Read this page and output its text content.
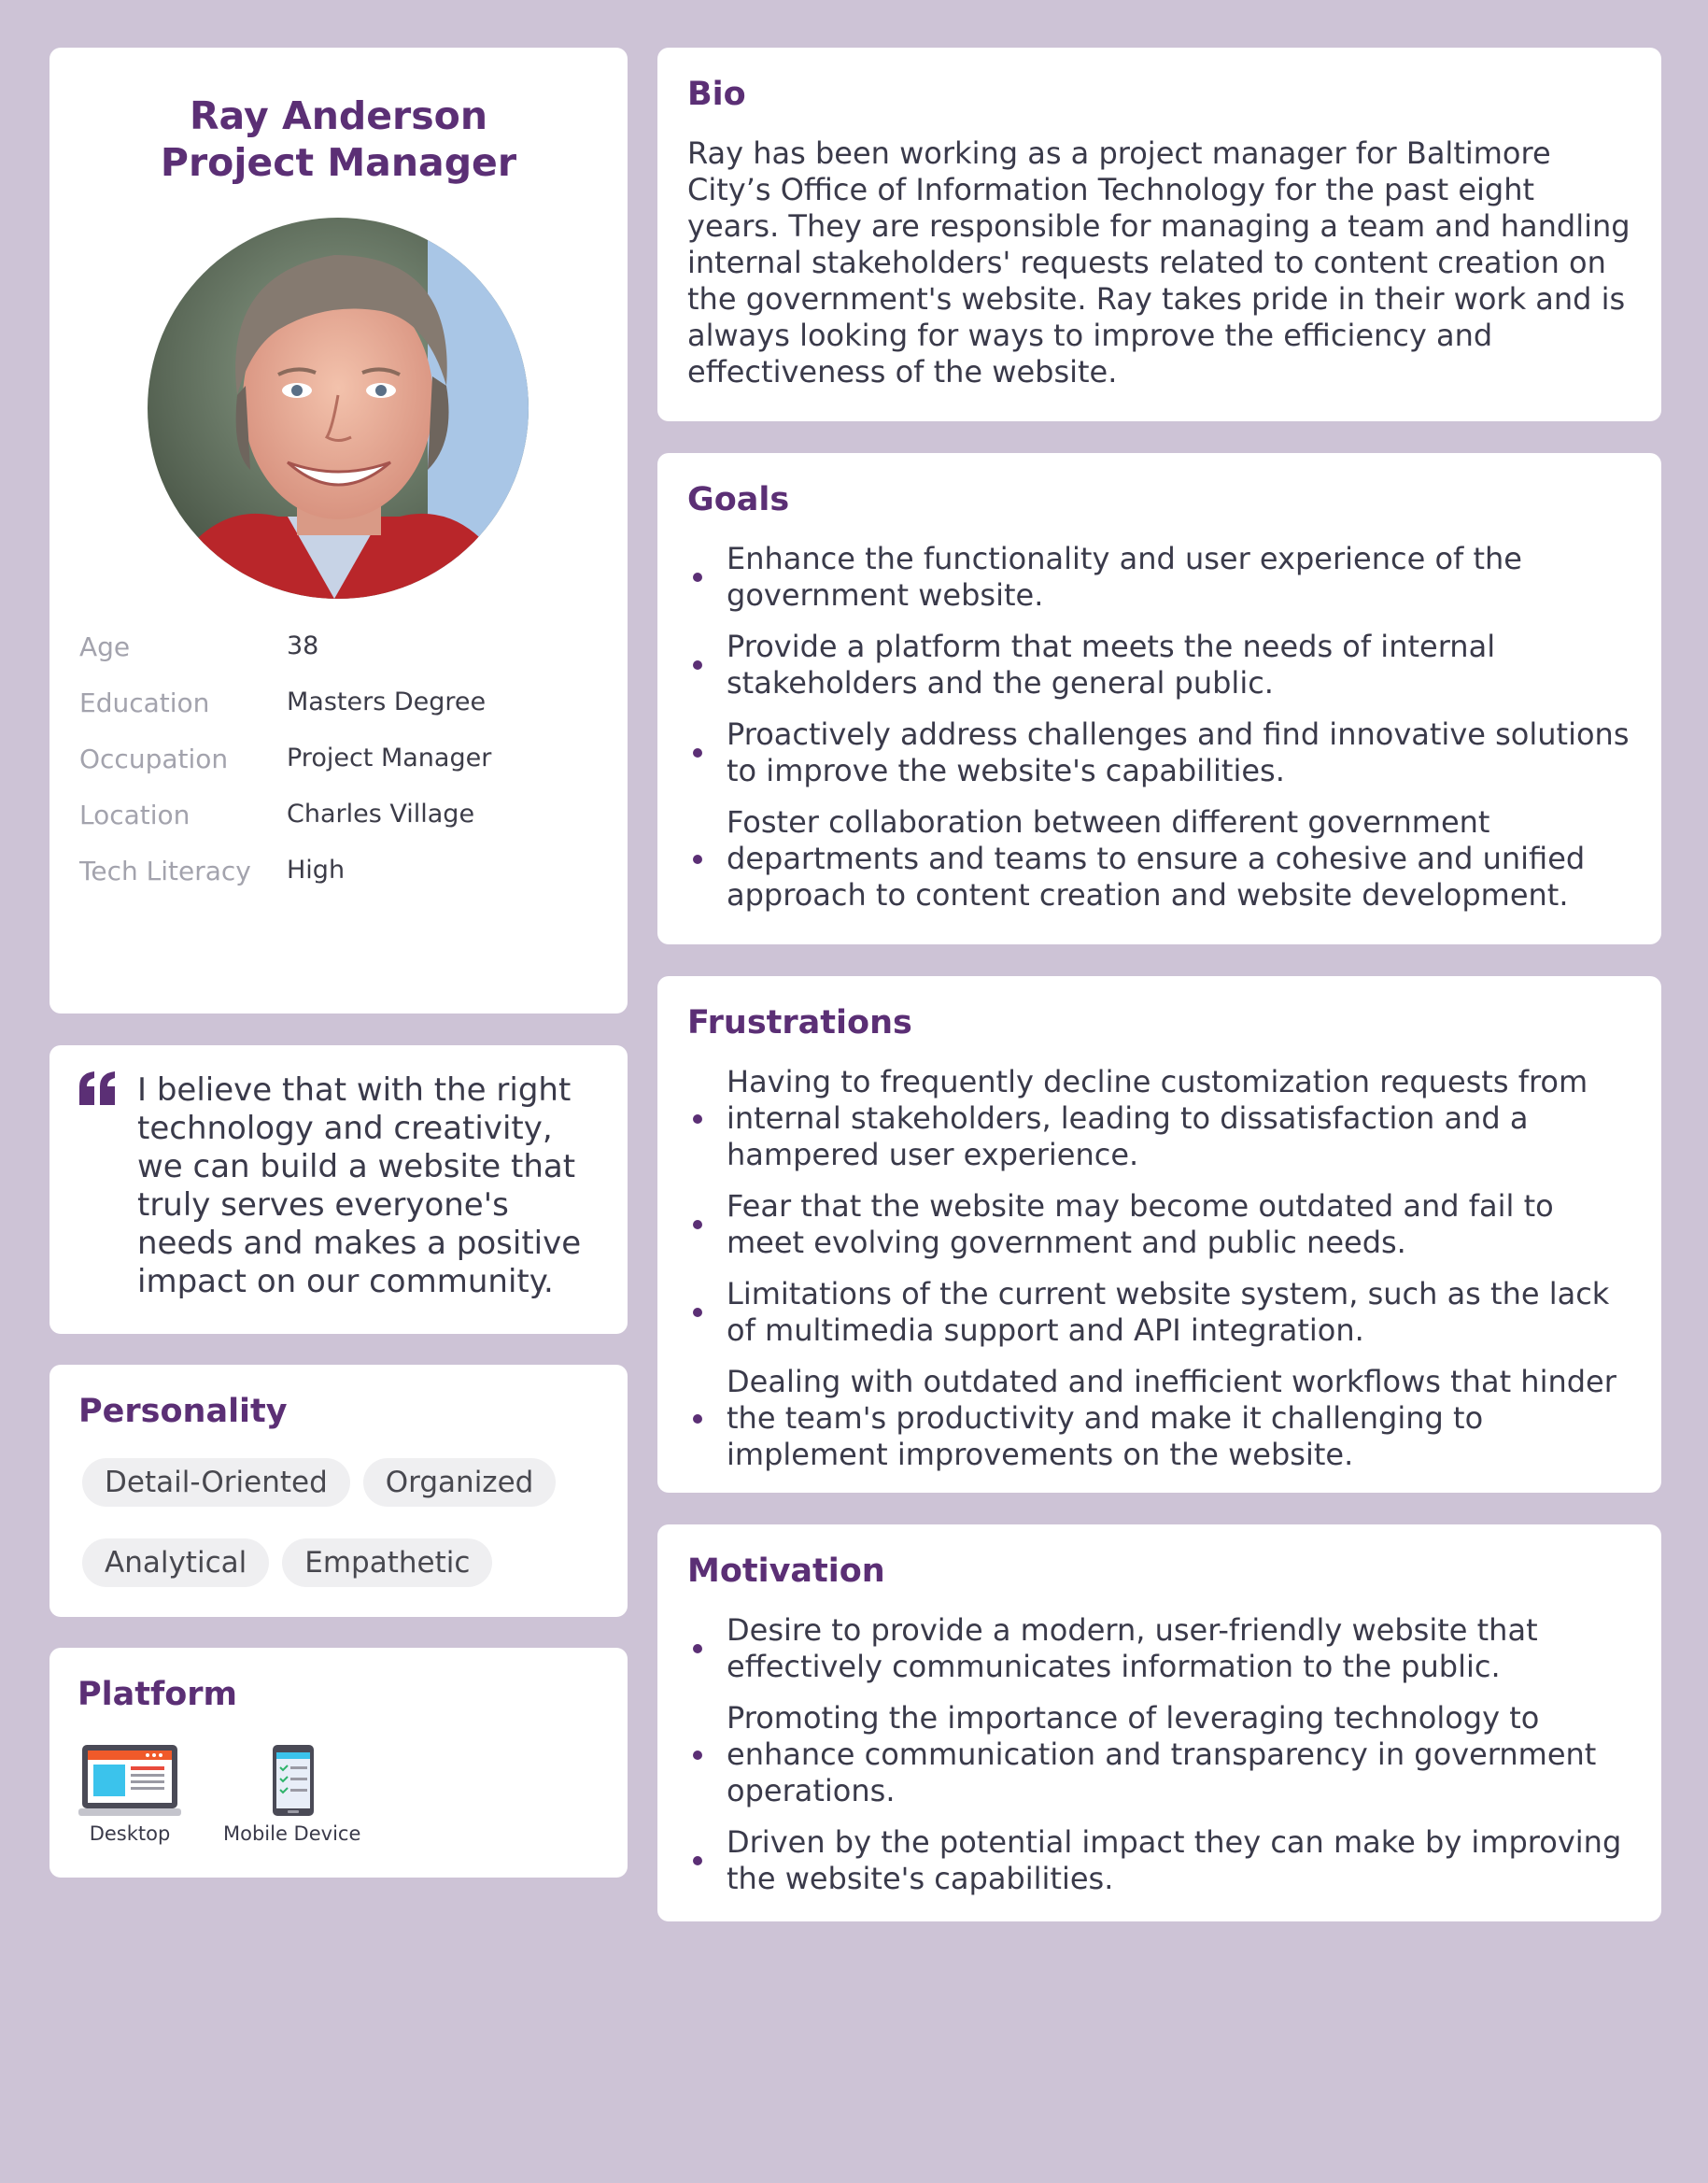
Ray Anderson
Project Manager
Age	38
Education	Masters Degree
Occupation	Project Manager
Location	Charles Village
Tech Literacy	High
I believe that with the right technology and creativity, we can build a website that truly serves everyone's needs and makes a positive impact on our community.
Personality
Detail-Oriented	Organized
Analytical	Empathetic
Platform
Desktop	Mobile Device
Bio
Ray has been working as a project manager for Baltimore City’s Office of Information Technology for the past eight years. They are responsible for managing a team and handling internal stakeholders' requests related to content creation on the government's website. Ray takes pride in their work and is always looking for ways to improve the efficiency and effectiveness of the website.
Goals
Enhance the functionality and user experience of the government website.
Provide a platform that meets the needs of internal stakeholders and the general public.
Proactively address challenges and find innovative solutions to improve the website's capabilities.
Foster collaboration between different government departments and teams to ensure a cohesive and unified approach to content creation and website development.
Frustrations
Having to frequently decline customization requests from internal stakeholders, leading to dissatisfaction and a hampered user experience.
Fear that the website may become outdated and fail to meet evolving government and public needs.
Limitations of the current website system, such as the lack of multimedia support and API integration.
Dealing with outdated and inefficient workflows that hinder the team's productivity and make it challenging to implement improvements on the website.
Motivation
Desire to provide a modern, user-friendly website that effectively communicates information to the public.
Promoting the importance of leveraging technology to enhance communication and transparency in government operations.
Driven by the potential impact they can make by improving the website's capabilities.
